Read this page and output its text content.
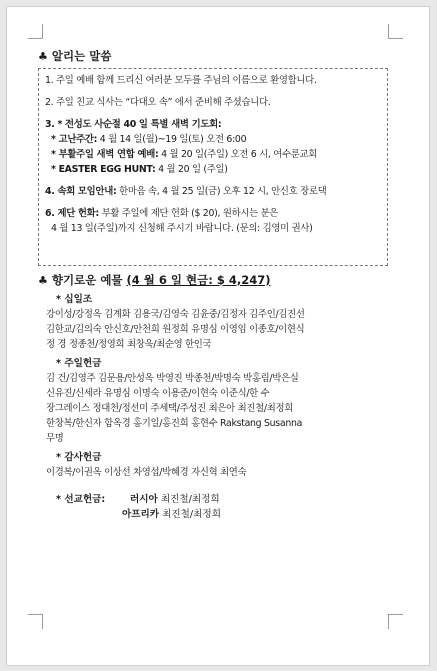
♣ 알리는 말씀
1. 주일 예배 함께 드리신 여러분 모두를 주님의 이름으로 환영합니다.
2. 주일 친교 식사는 “다대오 속” 에서 준비해 주셨습니다.
3. * 전성도 사순절 40 일 특별 새벽 기도회:
* 고난주간: 4 월 14 일(월)~19 일(토) 오전 6:00
* 부활주일 새벽 연합 예배: 4 월 20 일(주일) 오전 6 시, 여수룬교회
* EASTER EGG HUNT: 4 월 20 일 (주일)
4. 속회 모임안내: 한마음 속, 4 월 25 일(금) 오후 12 시, 안신호 장로댁
6. 제단 헌화: 부활 주일에 제단 헌화 ($ 20), 원하시는 분은
4 월 13 일(주일)까지 신청해 주시기 바랍니다. (문의: 김영미 권사)
♣ 향기로운 예물 (4 월 6 일 현금: $ 4,247)
* 십일조
강이성/강정옥 김계화 김용국/김영숙 김윤중/김정자 김주인/김진선
김한교/김의숙 안신호/안천희 원정희 유명심 이영임 이종호/이현식
정 경 정종천/정영희 최창욱/최순영 한인국
* 주일헌금
김 건/김영주 김문용/안성옥 박영진 박종천/박명숙 박홍림/박은실
신유진/신세라 유명심 이명숙 이용준/이현숙 이준식/한 수
장그레이스 정대천/정선미 주세택/주성진 최은아 최진철/최정희
한창복/한신자 함옥경 홍기일/홍진희 홍현수 Rakstang Susanna
무명
* 감사헌금
이경복/이권옥 이상선 차영섭/박혜경 자신혁 최연숙
* 선교헌금:	러시아 최진철/최정희
아프리카 최진철/최정희
